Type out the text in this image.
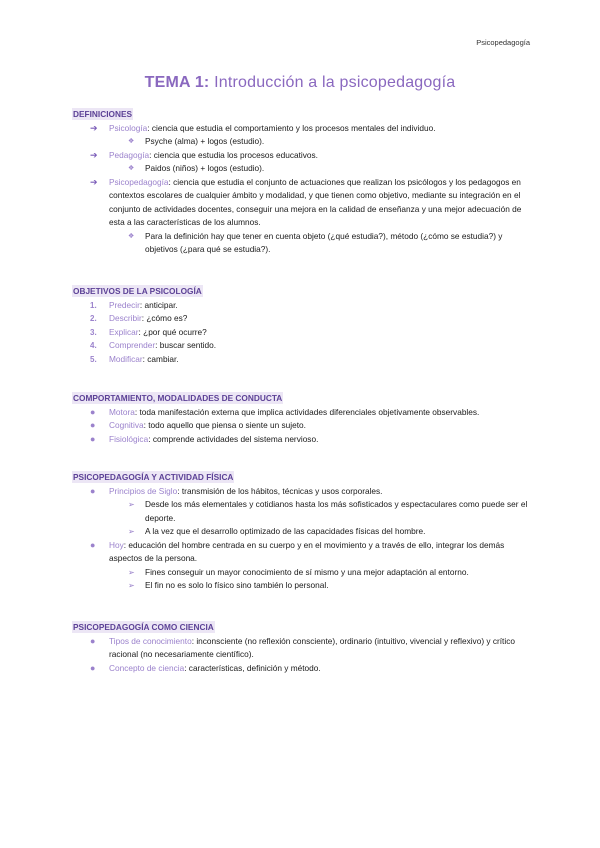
Psicopedagogía
TEMA 1: Introducción a la psicopedagogía
DEFINICIONES
➔ Psicología: ciencia que estudia el comportamiento y los procesos mentales del individuo.
❖ Psyche (alma) + logos (estudio).
➔ Pedagogía: ciencia que estudia los procesos educativos.
❖ Paidos (niños) + logos (estudio).
➔ Psicopedagogía: ciencia que estudia el conjunto de actuaciones que realizan los psicólogos y los pedagogos en contextos escolares de cualquier ámbito y modalidad, y que tienen como objetivo, mediante su integración en el conjunto de actividades docentes, conseguir una mejora en la calidad de enseñanza y una mejor adecuación de esta a las características de los alumnos.
❖ Para la definición hay que tener en cuenta objeto (¿qué estudia?), método (¿cómo se estudia?) y objetivos (¿para qué se estudia?).
OBJETIVOS DE LA PSICOLOGÍA
1. Predecir: anticipar.
2. Describir: ¿cómo es?
3. Explicar: ¿por qué ocurre?
4. Comprender: buscar sentido.
5. Modificar: cambiar.
COMPORTAMIENTO, MODALIDADES DE CONDUCTA
● Motora: toda manifestación externa que implica actividades diferenciales objetivamente observables.
● Cognitiva: todo aquello que piensa o siente un sujeto.
● Fisiológica: comprende actividades del sistema nervioso.
PSICOPEDAGOGÍA Y ACTIVIDAD FÍSICA
● Principios de Siglo: transmisión de los hábitos, técnicas y usos corporales.
➢ Desde los más elementales y cotidianos hasta los más sofisticados y espectaculares como puede ser el deporte.
➢ A la vez que el desarrollo optimizado de las capacidades físicas del hombre.
● Hoy: educación del hombre centrada en su cuerpo y en el movimiento y a través de ello, integrar los demás aspectos de la persona.
➢ Fines conseguir un mayor conocimiento de sí mismo y una mejor adaptación al entorno.
➢ El fin no es solo lo físico sino también lo personal.
PSICOPEDAGOGÍA COMO CIENCIA
● Tipos de conocimiento: inconsciente (no reflexión consciente), ordinario (intuitivo, vivencial y reflexivo) y crítico racional (no necesariamente científico).
● Concepto de ciencia: características, definición y método.
